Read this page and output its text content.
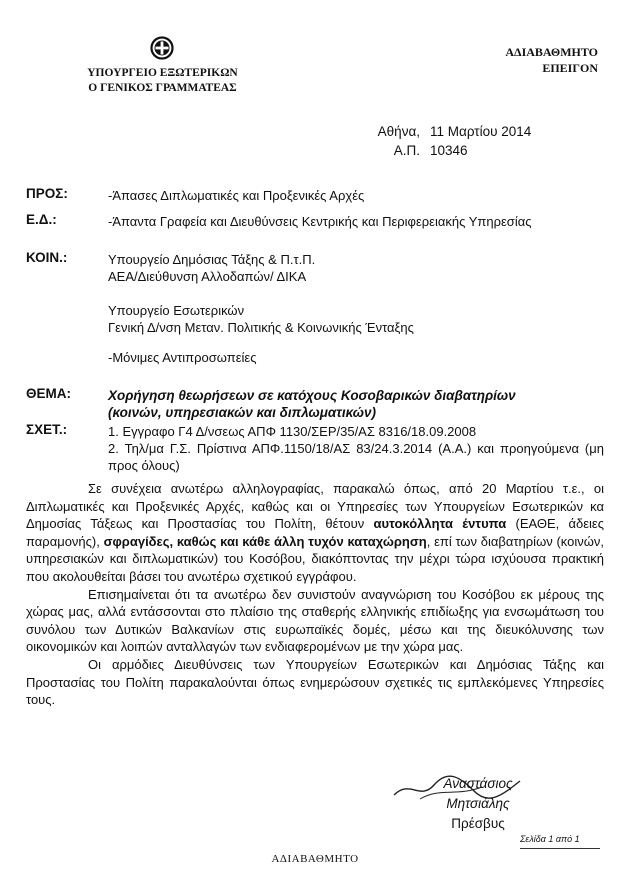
ΥΠΟΥΡΓΕΙΟ ΕΞΩΤΕΡΙΚΩΝ
Ο ΓΕΝΙΚΟΣ ΓΡΑΜΜΑΤΕΑΣ
ΑΔΙΑΒΑΘΜΗΤΟ
ΕΠΕΙΓΟΝ
Αθήνα, 11 Μαρτίου 2014
Α.Π. 10346
ΠΡΟΣ:	-Άπασες Διπλωματικές και Προξενικές Αρχές
Ε.Δ.:	-Άπαντα Γραφεία και Διευθύνσεις Κεντρικής και Περιφερειακής Υπηρεσίας
ΚΟΙΝ.:	Υπουργείο Δημόσιας Τάξης & Π.τ.Π.
ΑΕΑ/Διεύθυνση Αλλοδαπών/ ΔΙΚΑ
Υπουργείο Εσωτερικών
Γενική Δ/νση Μεταν. Πολιτικής & Κοινωνικής Ένταξης
-Μόνιμες Αντιπροσωπείες
ΘΕΜΑ:	Χορήγηση θεωρήσεων σε κατόχους Κοσοβαρικών διαβατηρίων
(κοινών, υπηρεσιακών και διπλωματικών)
ΣΧΕΤ.:	1. Εγγραφο Γ4 Δ/νσεως ΑΠΦ 1130/ΣΕΡ/35/ΑΣ 8316/18.09.2008
2. Τηλ/μα Γ.Σ. Πρίστινα ΑΠΦ.1150/18/ΑΣ 83/24.3.2014 (Α.Α.) και προηγούμενα (μη
προς όλους)

Σε συνέχεια ανωτέρω αλληλογραφίας, παρακαλώ όπως, από 20 Μαρτίου τ.ε., οι Διπλωματικές και Προξενικές Αρχές, καθώς και οι Υπηρεσίες των Υπουργείων Εσωτερικών κα Δημοσίας Τάξεως και Προστασίας του Πολίτη, θέτουν αυτοκόλλητα έντυπα (ΕΑΘΕ, άδειες παραμονής), σφραγίδες, καθώς και κάθε άλλη τυχόν καταχώρηση, επί των διαβατηρίων (κοινών, υπηρεσιακών και διπλωματικών) του Κοσόβου, διακόπτοντας την μέχρι τώρα ισχύουσα πρακτική που ακολουθείται βάσει του ανωτέρω σχετικού εγγράφου.

Επισημαίνεται ότι τα ανωτέρω δεν συνιστούν αναγνώριση του Κοσόβου εκ μέρους της χώρας μας, αλλά εντάσσονται στο πλαίσιο της σταθερής ελληνικής επιδίωξης για ενσωμάτωση του συνόλου των Δυτικών Βαλκανίων στις ευρωπαϊκές δομές, μέσω και της διευκόλυνσης των οικονομικών και λοιπών ανταλλαγών των ενδιαφερομένων με την χώρα μας.

Οι αρμόδιες Διευθύνσεις των Υπουργείων Εσωτερικών και Δημόσιας Τάξης και Προστασίας του Πολίτη παρακαλούνται όπως ενημερώσουν σχετικές τις εμπλεκόμενες Υπηρεσίες τους.

Αναστάσιος Μητσιάλης
Πρέσβυς
Σελίδα 1 από 1
ΑΔΙΑΒΑΘΜΗΤΟ
